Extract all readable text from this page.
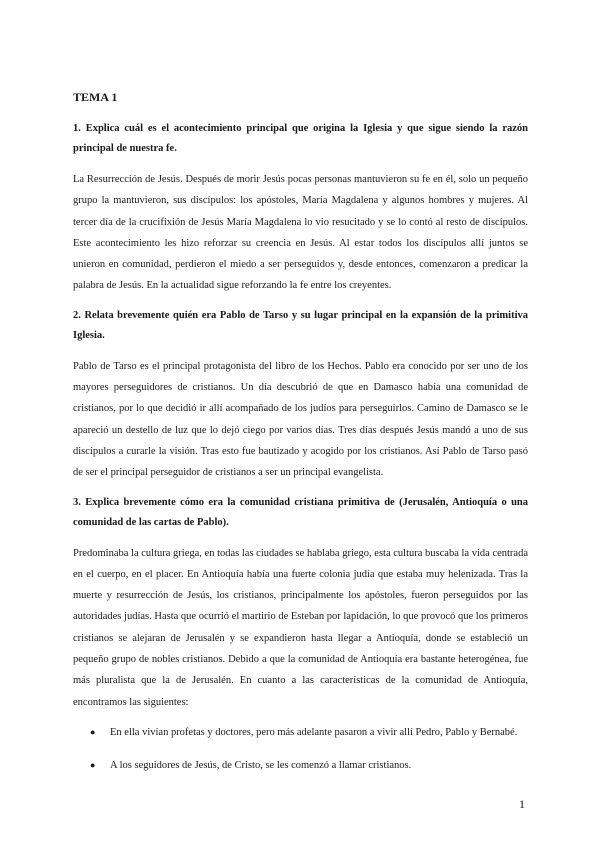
TEMA 1
1. Explica cuál es el acontecimiento principal que origina la Iglesia y que sigue siendo la razón principal de nuestra fe.
La Resurrección de Jesús. Después de morir Jesús pocas personas mantuvieron su fe en él, solo un pequeño grupo la mantuvieron, sus discípulos: los apóstoles, María Magdalena y algunos hombres y mujeres. Al tercer día de la crucifixión de Jesús María Magdalena lo vio resucitado y se lo contó al resto de discípulos. Este acontecimiento les hizo reforzar su creencia en Jesús. Al estar todos los discípulos allí juntos se unieron en comunidad, perdieron el miedo a ser perseguidos y, desde entonces, comenzaron a predicar la palabra de Jesús. En la actualidad sigue reforzando la fe entre los creyentes.
2. Relata brevemente quién era Pablo de Tarso y su lugar principal en la expansión de la primitiva Iglesia.
Pablo de Tarso es el principal protagonista del libro de los Hechos. Pablo era conocido por ser uno de los mayores perseguidores de cristianos. Un día descubrió de que en Damasco había una comunidad de cristianos, por lo que decidió ir allí acompañado de los judíos para perseguirlos. Camino de Damasco se le apareció un destello de luz que lo dejó ciego por varios días. Tres días después Jesús mandó a uno de sus discípulos a curarle la visión. Tras esto fue bautizado y acogido por los cristianos. Así Pablo de Tarso pasó de ser el principal perseguidor de cristianos a ser un principal evangelista.
3. Explica brevemente cómo era la comunidad cristiana primitiva de (Jerusalén, Antioquía o una comunidad de las cartas de Pablo).
Predominaba la cultura griega, en todas las ciudades se hablaba griego, esta cultura buscaba la vida centrada en el cuerpo, en el placer. En Antioquía había una fuerte colonia judía que estaba muy helenizada. Tras la muerte y resurrección de Jesús, los cristianos, principalmente los apóstoles, fueron perseguidos por las autoridades judías. Hasta que ocurrió el martirio de Esteban por lapidación, lo que provocó que los primeros cristianos se alejaran de Jerusalén y se expandieron hasta llegar a Antioquía, donde se estableció un pequeño grupo de nobles cristianos. Debido a que la comunidad de Antioquía era bastante heterogénea, fue más pluralista que la de Jerusalén. En cuanto a las características de la comunidad de Antioquía, encontramos las siguientes:
● En ella vivían profetas y doctores, pero más adelante pasaron a vivir allí Pedro, Pablo y Bernabé.
● A los seguidores de Jesús, de Cristo, se les comenzó a llamar cristianos.
1
